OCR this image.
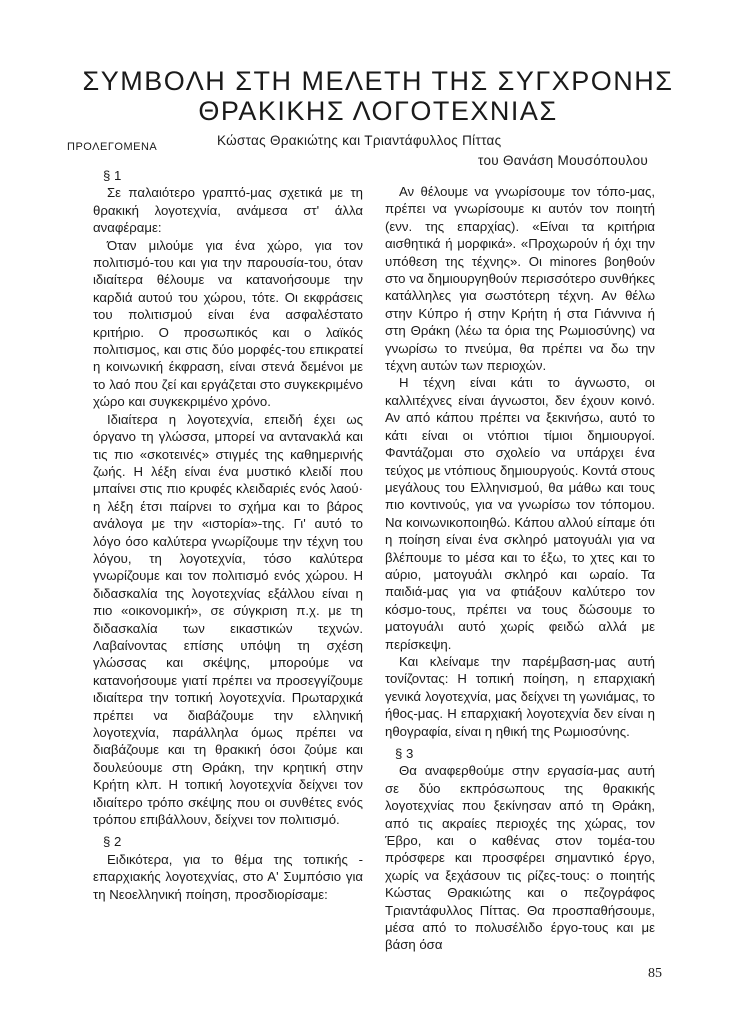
ΣΥΜΒΟΛΗ ΣΤΗ ΜΕΛΕΤΗ ΤΗΣ ΣΥΓΧΡΟΝΗΣ
ΘΡΑΚΙΚΗΣ ΛΟΓΟΤΕΧΝΙΑΣ
ΠΡΟΛΕΓΟΜΕΝΑ	Κώστας Θρακιώτης και Τριαντάφυλλος Πίττας
του Θανάση Μουσόπουλου

§ 1

Σε παλαιότερο γραπτό-μας σχετικά με τη θρακική λογοτεχνία, ανάμεσα στ' άλλα αναφέραμε:

Όταν μιλούμε για ένα χώρο, για τον πολιτισμό-του και για την παρουσία-του, όταν ιδιαίτερα θέλουμε να κατανοήσουμε την καρδιά αυτού του χώρου, τότε. Οι εκφράσεις του πολιτισμού είναι ένα ασφαλέστατο κριτήριο. Ο προσωπικός και ο λαϊκός πολιτισμος, και στις δύο μορφές-του επικρατεί η κοινωνική έκφραση, είναι στενά δεμένοι με το λαό που ζεί και εργάζεται στο συγκεκριμένο χώρο και συγκεκριμένο χρόνο.

Ιδιαίτερα η λογοτεχνία, επειδή έχει ως όργανο τη γλώσσα, μπορεί να αντανακλά και τις πιο «σκοτεινές» στιγμές της καθημερινής ζωής. Η λέξη είναι ένα μυστικό κλειδί που μπαίνει στις πιο κρυφές κλειδαριές ενός λαού· η λέξη έτσι παίρνει το σχήμα και το βάρος ανάλογα με την «ιστορία»-της. Γι' αυτό το λόγο όσο καλύτερα γνωρίζουμε την τέχνη του λόγου, τη λογοτεχνία, τόσο καλύτερα γνωρίζουμε και τον πολιτισμό ενός χώρου. Η διδασκαλία της λογοτεχνίας εξάλλου είναι η πιο «οικονομική», σε σύγκριση π.χ. με τη διδασκαλία των εικαστικών τεχνών. Λαβαίνοντας επίσης υπόψη τη σχέση γλώσσας και σκέψης, μπορούμε να κατανοήσουμε γιατί πρέπει να προσεγγίζουμε ιδιαίτερα την τοπική λογοτεχνία. Πρωταρχικά πρέπει να διαβάζουμε την ελληνική λογοτεχνία, παράλληλα όμως πρέπει να διαβάζουμε και τη θρακική όσοι ζούμε και δουλεύουμε στη Θράκη, την κρητική στην Κρήτη κλπ. Η τοπική λογοτεχνία δείχνει τον ιδιαίτερο τρόπο σκέψης που οι συνθέτες ενός τρόπου επιβάλλουν, δείχνει τον πολιτισμό.

§ 2

Ειδικότερα, για το θέμα της τοπικής - επαρχιακής λογοτεχνίας, στο Α' Συμπόσιο για τη Νεοελληνική ποίηση, προσδιορίσαμε:

Αν θέλουμε να γνωρίσουμε τον τόπο-μας, πρέπει να γνωρίσουμε κι αυτόν τον ποιητή (ενν. της επαρχίας). «Είναι τα κριτήρια αισθητικά ή μορφικά». «Προχωρούν ή όχι την υπόθεση της τέχνης». Οι minores βοηθούν στο να δημιουργηθούν περισσότερο συνθήκες κατάλληλες για σωστότερη τέχνη. Αν θέλω στην Κύπρο ή στην Κρήτη ή στα Γιάννινα ή στη Θράκη (λέω τα όρια της Ρωμιοσύνης) να γνωρίσω το πνεύμα, θα πρέπει να δω την τέχνη αυτών των περιοχών.

Η τέχνη είναι κάτι το άγνωστο, οι καλλιτέχνες είναι άγνωστοι, δεν έχουν κοινό. Αν από κάπου πρέπει να ξεκινήσω, αυτό το κάτι είναι οι ντόπιοι τίμιοι δημιουργοί. Φαντάζομαι στο σχολείο να υπάρχει ένα τεύχος με ντόπιους δημιουργούς. Κοντά στους μεγάλους του Ελληνισμού, θα μάθω και τους πιο κοντινούς, για να γνωρίσω τον τόπομου. Να κοινωνικοποιηθώ. Κάπου αλλού είπαμε ότι η ποίηση είναι ένα σκληρό ματογυάλι για να βλέπουμε το μέσα και το έξω, το χτες και το αύριο, ματογυάλι σκληρό και ωραίο. Τα παιδιά-μας για να φτιάξουν καλύτερο τον κόσμο-τους, πρέπει να τους δώσουμε το ματογυάλι αυτό χωρίς φειδώ αλλά με περίσκεψη.

Και κλείναμε την παρέμβαση-μας αυτή τονίζοντας: Η τοπική ποίηση, η επαρχιακή γενικά λογοτεχνία, μας δείχνει τη γωνιάμας, το ήθος-μας. Η επαρχιακή λογοτεχνία δεν είναι η ηθογραφία, είναι η ηθική της Ρωμιοσύνης.

§ 3

Θα αναφερθούμε στην εργασία-μας αυτή σε δύο εκπρόσωπους της θρακικής λογοτεχνίας που ξεκίνησαν από τη Θράκη, από τις ακραίες περιοχές της χώρας, τον Έβρο, και ο καθένας στον τομέα-του πρόσφερε και προσφέρει σημαντικό έργο, χωρίς να ξεχάσουν τις ρίζες-τους: ο ποιητής Κώστας Θρακιώτης και ο πεζογράφος Τριαντάφυλλος Πίττας. Θα προσπαθήσουμε, μέσα από το πολυσέλιδο έργο-τους και με βάση όσα

85
